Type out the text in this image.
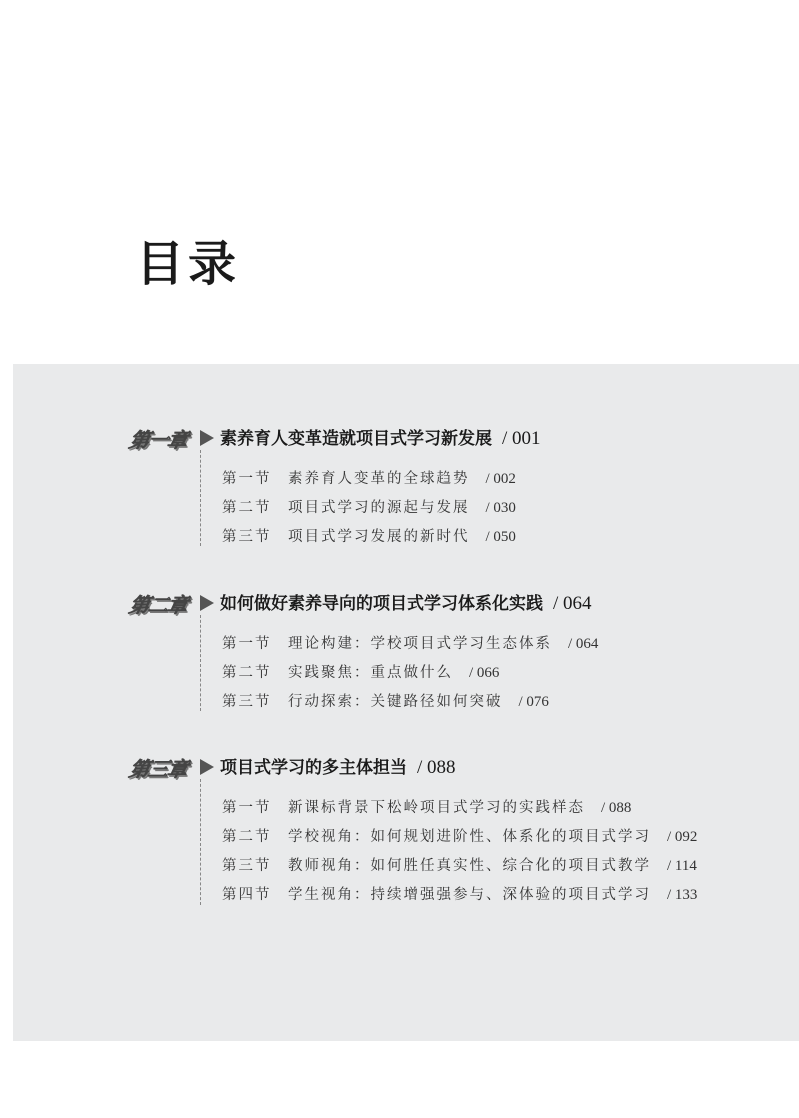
目录
第一章	素养育人变革造就项目式学习新发展 / 001
第一节 素养育人变革的全球趋势 / 002
第二节 项目式学习的源起与发展 / 030
第三节 项目式学习发展的新时代 / 050
第二章	如何做好素养导向的项目式学习体系化实践 / 064
第一节 理论构建：学校项目式学习生态体系 / 064
第二节 实践聚焦：重点做什么 / 066
第三节 行动探索：关键路径如何突破 / 076
第三章	项目式学习的多主体担当 / 088
第一节 新课标背景下松岭项目式学习的实践样态 / 088
第二节 学校视角：如何规划进阶性、体系化的项目式学习 / 092
第三节 教师视角：如何胜任真实性、综合化的项目式教学 / 114
第四节 学生视角：持续增强强参与、深体验的项目式学习 / 133
